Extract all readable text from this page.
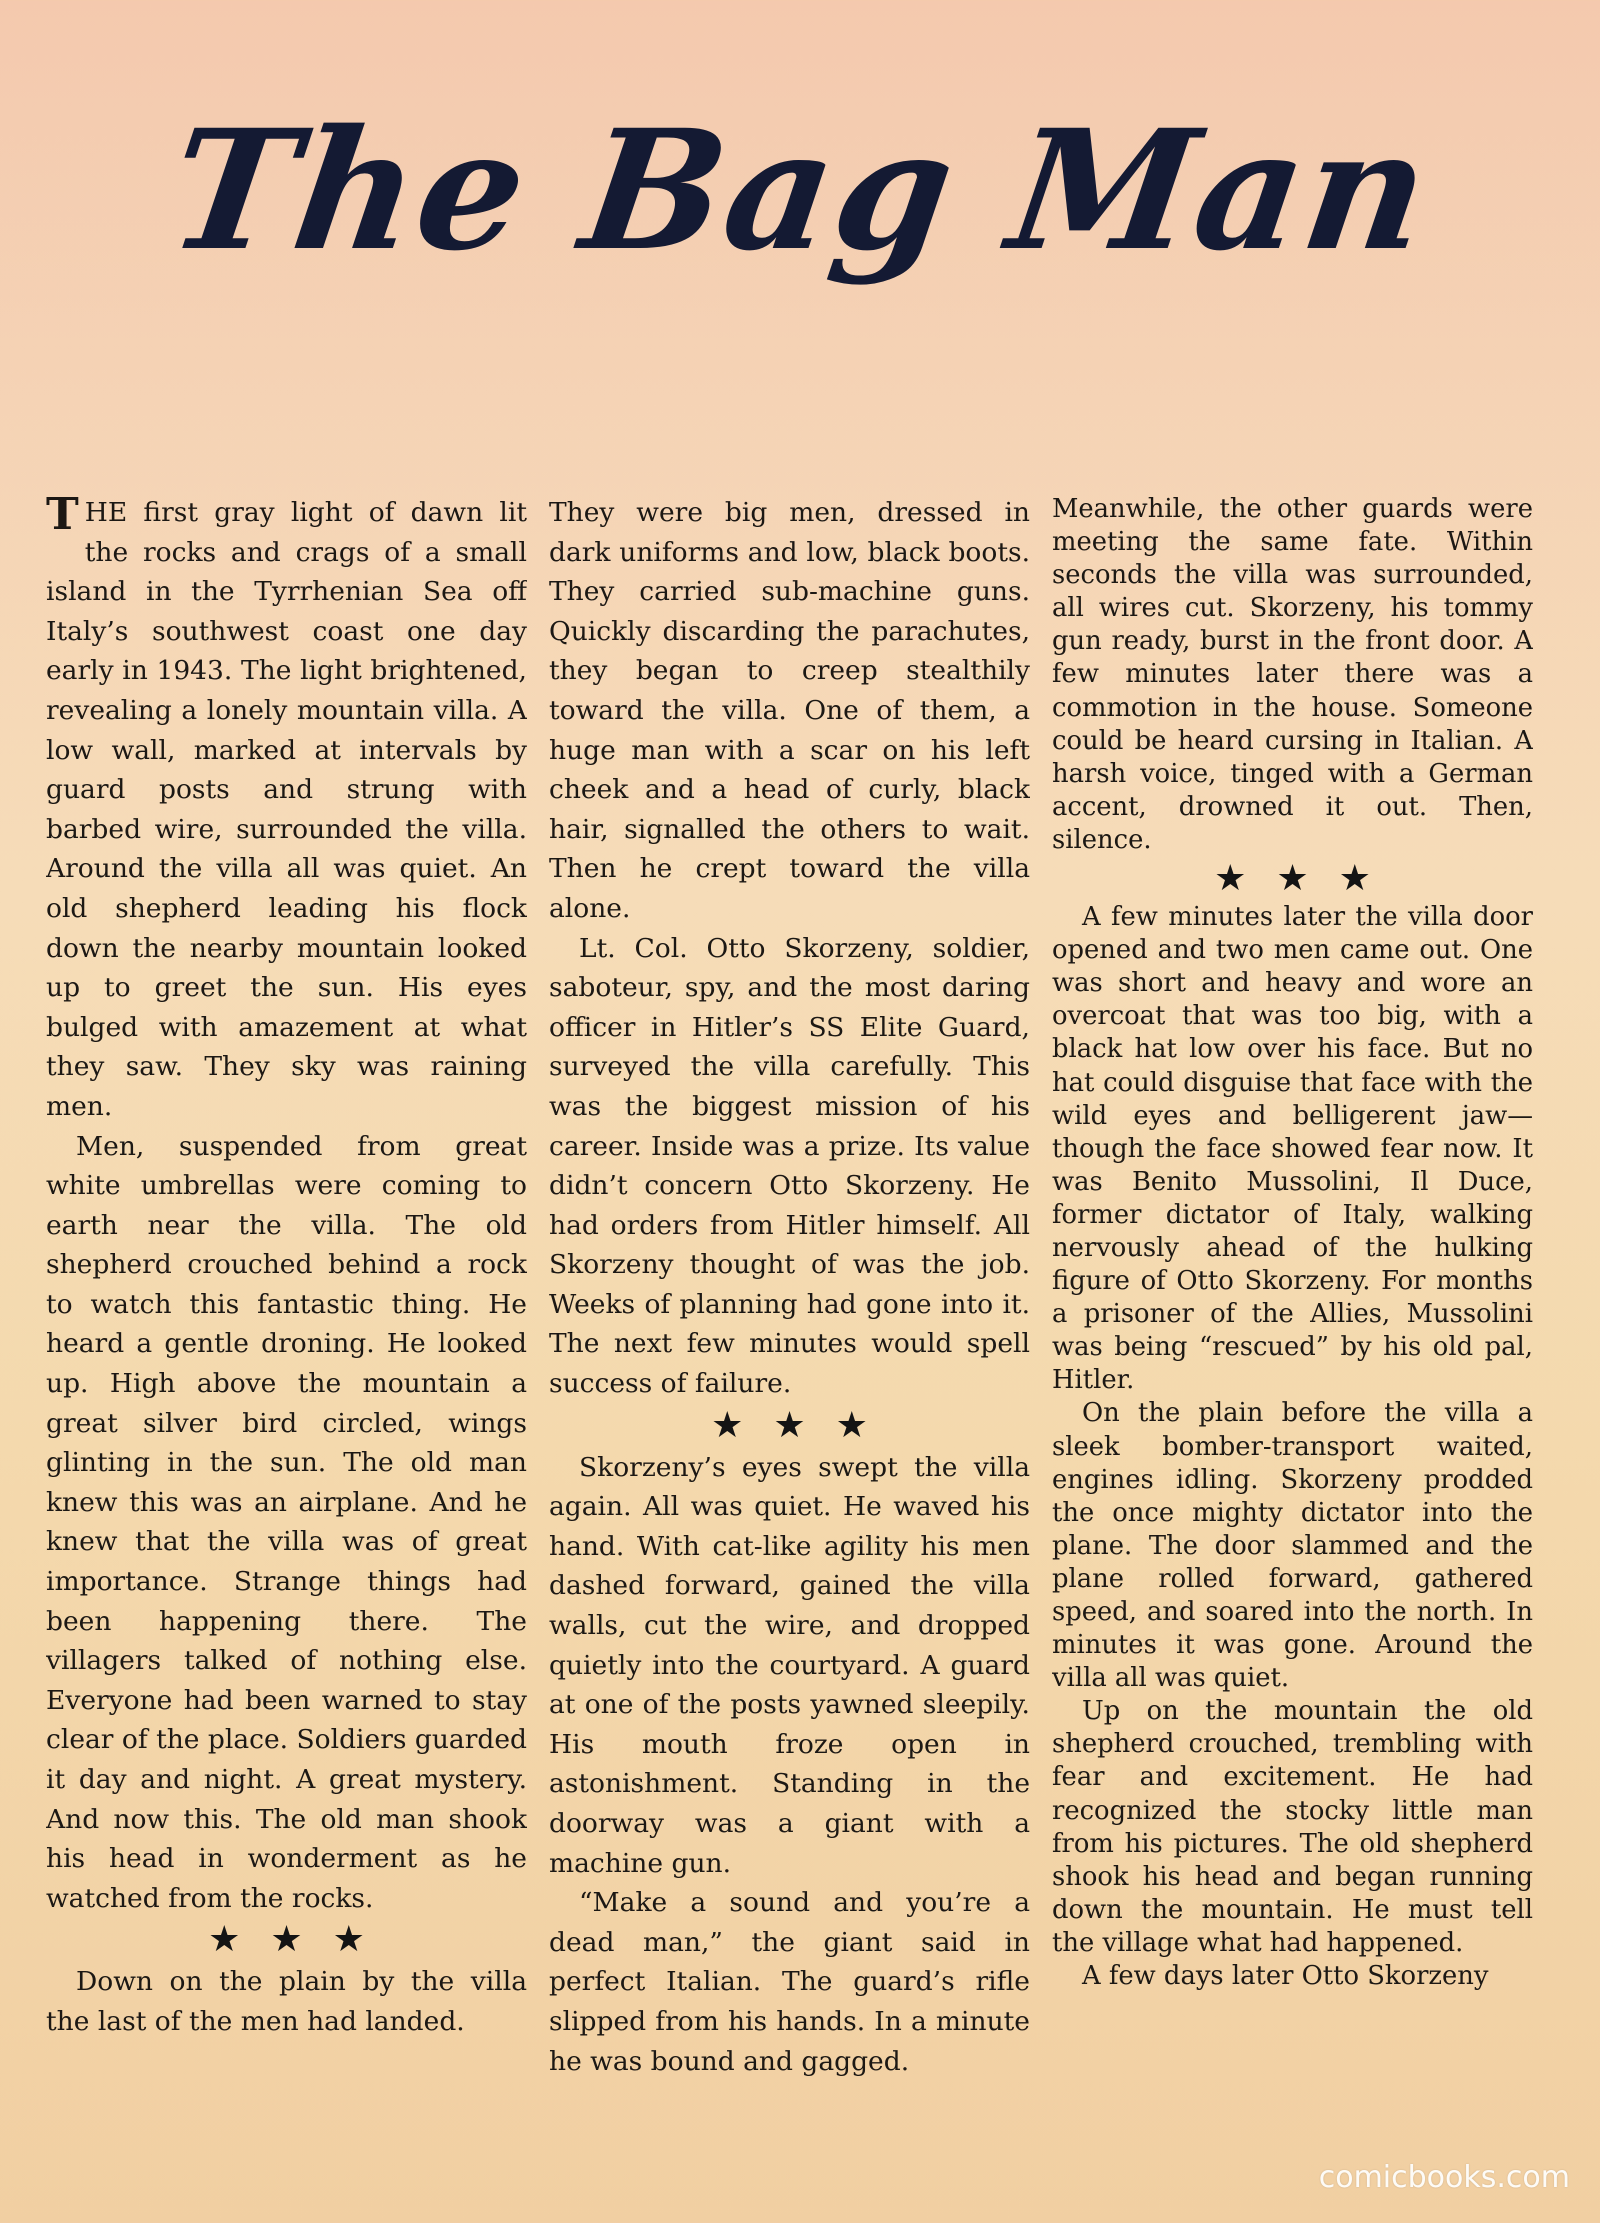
The Bag Man

THE first gray light of dawn lit the rocks and crags of a small island in the Tyrrhenian Sea off Italy’s southwest coast one day early in 1943. The light brightened, revealing a lonely mountain villa. A low wall, marked at intervals by guard posts and strung with barbed wire, surrounded the villa. Around the villa all was quiet. An old shepherd leading his flock down the nearby mountain looked up to greet the sun. His eyes bulged with amazement at what they saw. They sky was raining men.

Men, suspended from great white umbrellas were coming to earth near the villa. The old shepherd crouched behind a rock to watch this fantastic thing. He heard a gentle droning. He looked up. High above the mountain a great silver bird circled, wings glinting in the sun. The old man knew this was an airplane. And he knew that the villa was of great importance. Strange things had been happening there. The villagers talked of nothing else. Everyone had been warned to stay clear of the place. Soldiers guarded it day and night. A great mystery. And now this. The old man shook his head in wonderment as he watched from the rocks.

★★★

Down on the plain by the villa the last of the men had landed.

They were big men, dressed in dark uniforms and low, black boots. They carried sub-machine guns. Quickly discarding the parachutes, they began to creep stealthily toward the villa. One of them, a huge man with a scar on his left cheek and a head of curly, black hair, signalled the others to wait. Then he crept toward the villa alone.

Lt. Col. Otto Skorzeny, soldier, saboteur, spy, and the most daring officer in Hitler’s SS Elite Guard, surveyed the villa carefully. This was the biggest mission of his career. Inside was a prize. Its value didn’t concern Otto Skorzeny. He had orders from Hitler himself. All Skorzeny thought of was the job. Weeks of planning had gone into it. The next few minutes would spell success of failure.

★★★

Skorzeny’s eyes swept the villa again. All was quiet. He waved his hand. With cat-like agility his men dashed forward, gained the villa walls, cut the wire, and dropped quietly into the courtyard. A guard at one of the posts yawned sleepily. His mouth froze open in astonishment. Standing in the doorway was a giant with a machine gun.

“Make a sound and you’re a dead man,” the giant said in perfect Italian. The guard’s rifle slipped from his hands. In a minute he was bound and gagged.

Meanwhile, the other guards were meeting the same fate. Within seconds the villa was surrounded, all wires cut. Skorzeny, his tommy gun ready, burst in the front door. A few minutes later there was a commotion in the house. Someone could be heard cursing in Italian. A harsh voice, tinged with a German accent, drowned it out. Then, silence.

★★★

A few minutes later the villa door opened and two men came out. One was short and heavy and wore an overcoat that was too big, with a black hat low over his face. But no hat could disguise that face with the wild eyes and belligerent jaw—though the face showed fear now. It was Benito Mussolini, Il Duce, former dictator of Italy, walking nervously ahead of the hulking figure of Otto Skorzeny. For months a prisoner of the Allies, Mussolini was being “rescued” by his old pal, Hitler.

On the plain before the villa a sleek bomber-transport waited, engines idling. Skorzeny prodded the once mighty dictator into the plane. The door slammed and the plane rolled forward, gathered speed, and soared into the north. In minutes it was gone. Around the villa all was quiet.

Up on the mountain the old shepherd crouched, trembling with fear and excitement. He had recognized the stocky little man from his pictures. The old shepherd shook his head and began running down the mountain. He must tell the village what had happened.

A few days later Otto Skorzeny

comicbooks.com
